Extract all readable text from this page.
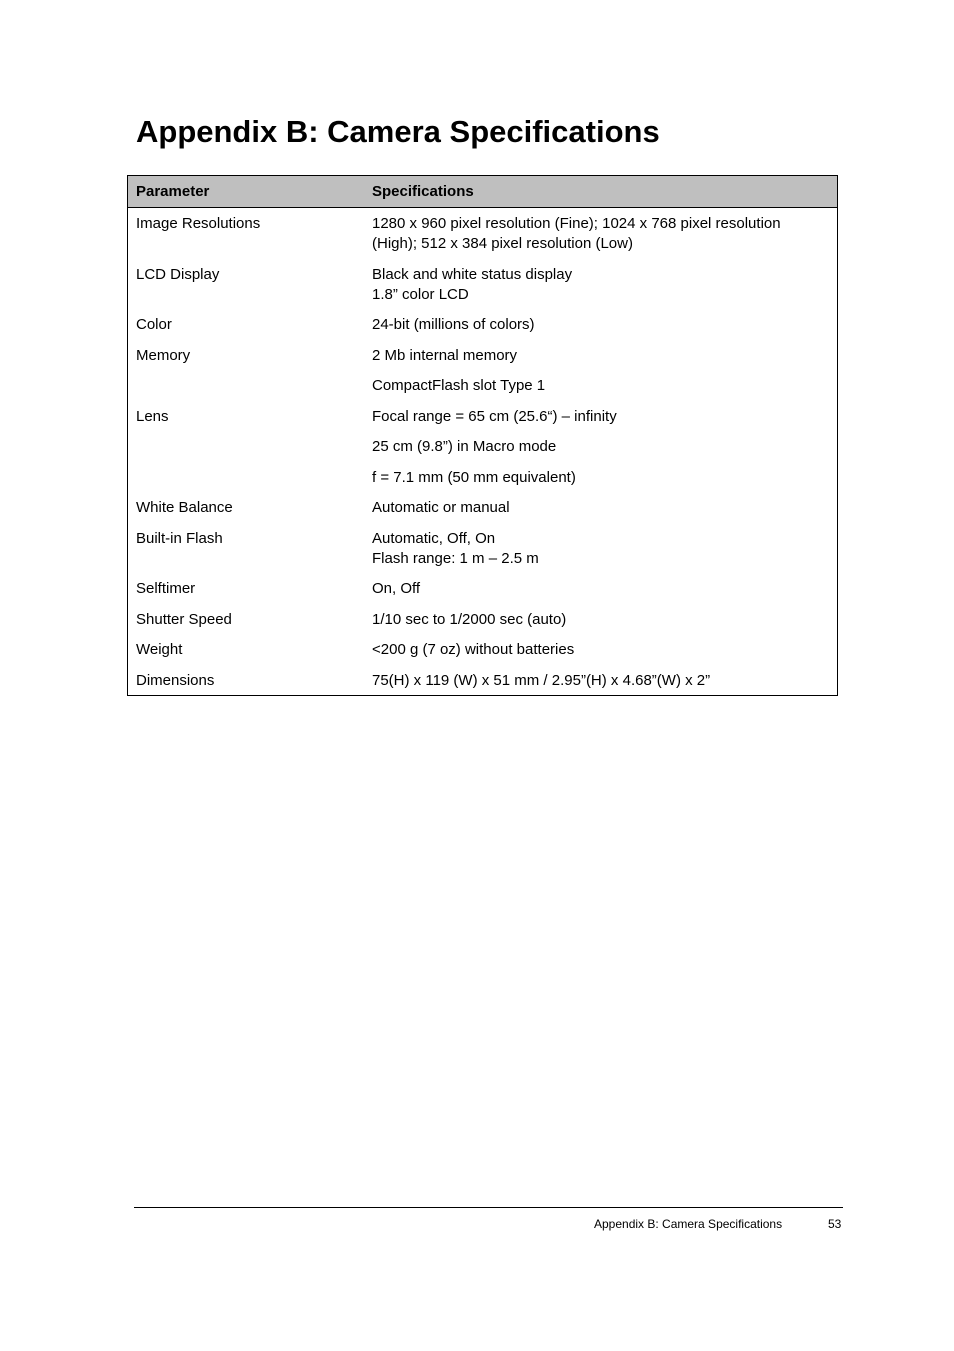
Appendix B: Camera Specifications
Parameter	Specifications
Image Resolutions	1280 x 960 pixel resolution (Fine); 1024 x 768 pixel resolution
(High); 512 x 384 pixel resolution (Low)
LCD Display	Black and white status display
1.8” color LCD
Color	24-bit (millions of colors)
Memory	2 Mb internal memory
CompactFlash slot Type 1
Lens	Focal range = 65 cm (25.6“) – infinity
25 cm (9.8”) in Macro mode
f = 7.1 mm (50 mm equivalent)
White Balance	Automatic or manual
Built-in Flash	Automatic, Off, On
Flash range: 1 m – 2.5 m
Selftimer	On, Off
Shutter Speed	1/10 sec to 1/2000 sec (auto)
Weight	<200 g (7 oz) without batteries
Dimensions	75(H) x 119 (W) x 51 mm / 2.95”(H) x 4.68”(W) x 2”
Appendix B: Camera Specifications	53
